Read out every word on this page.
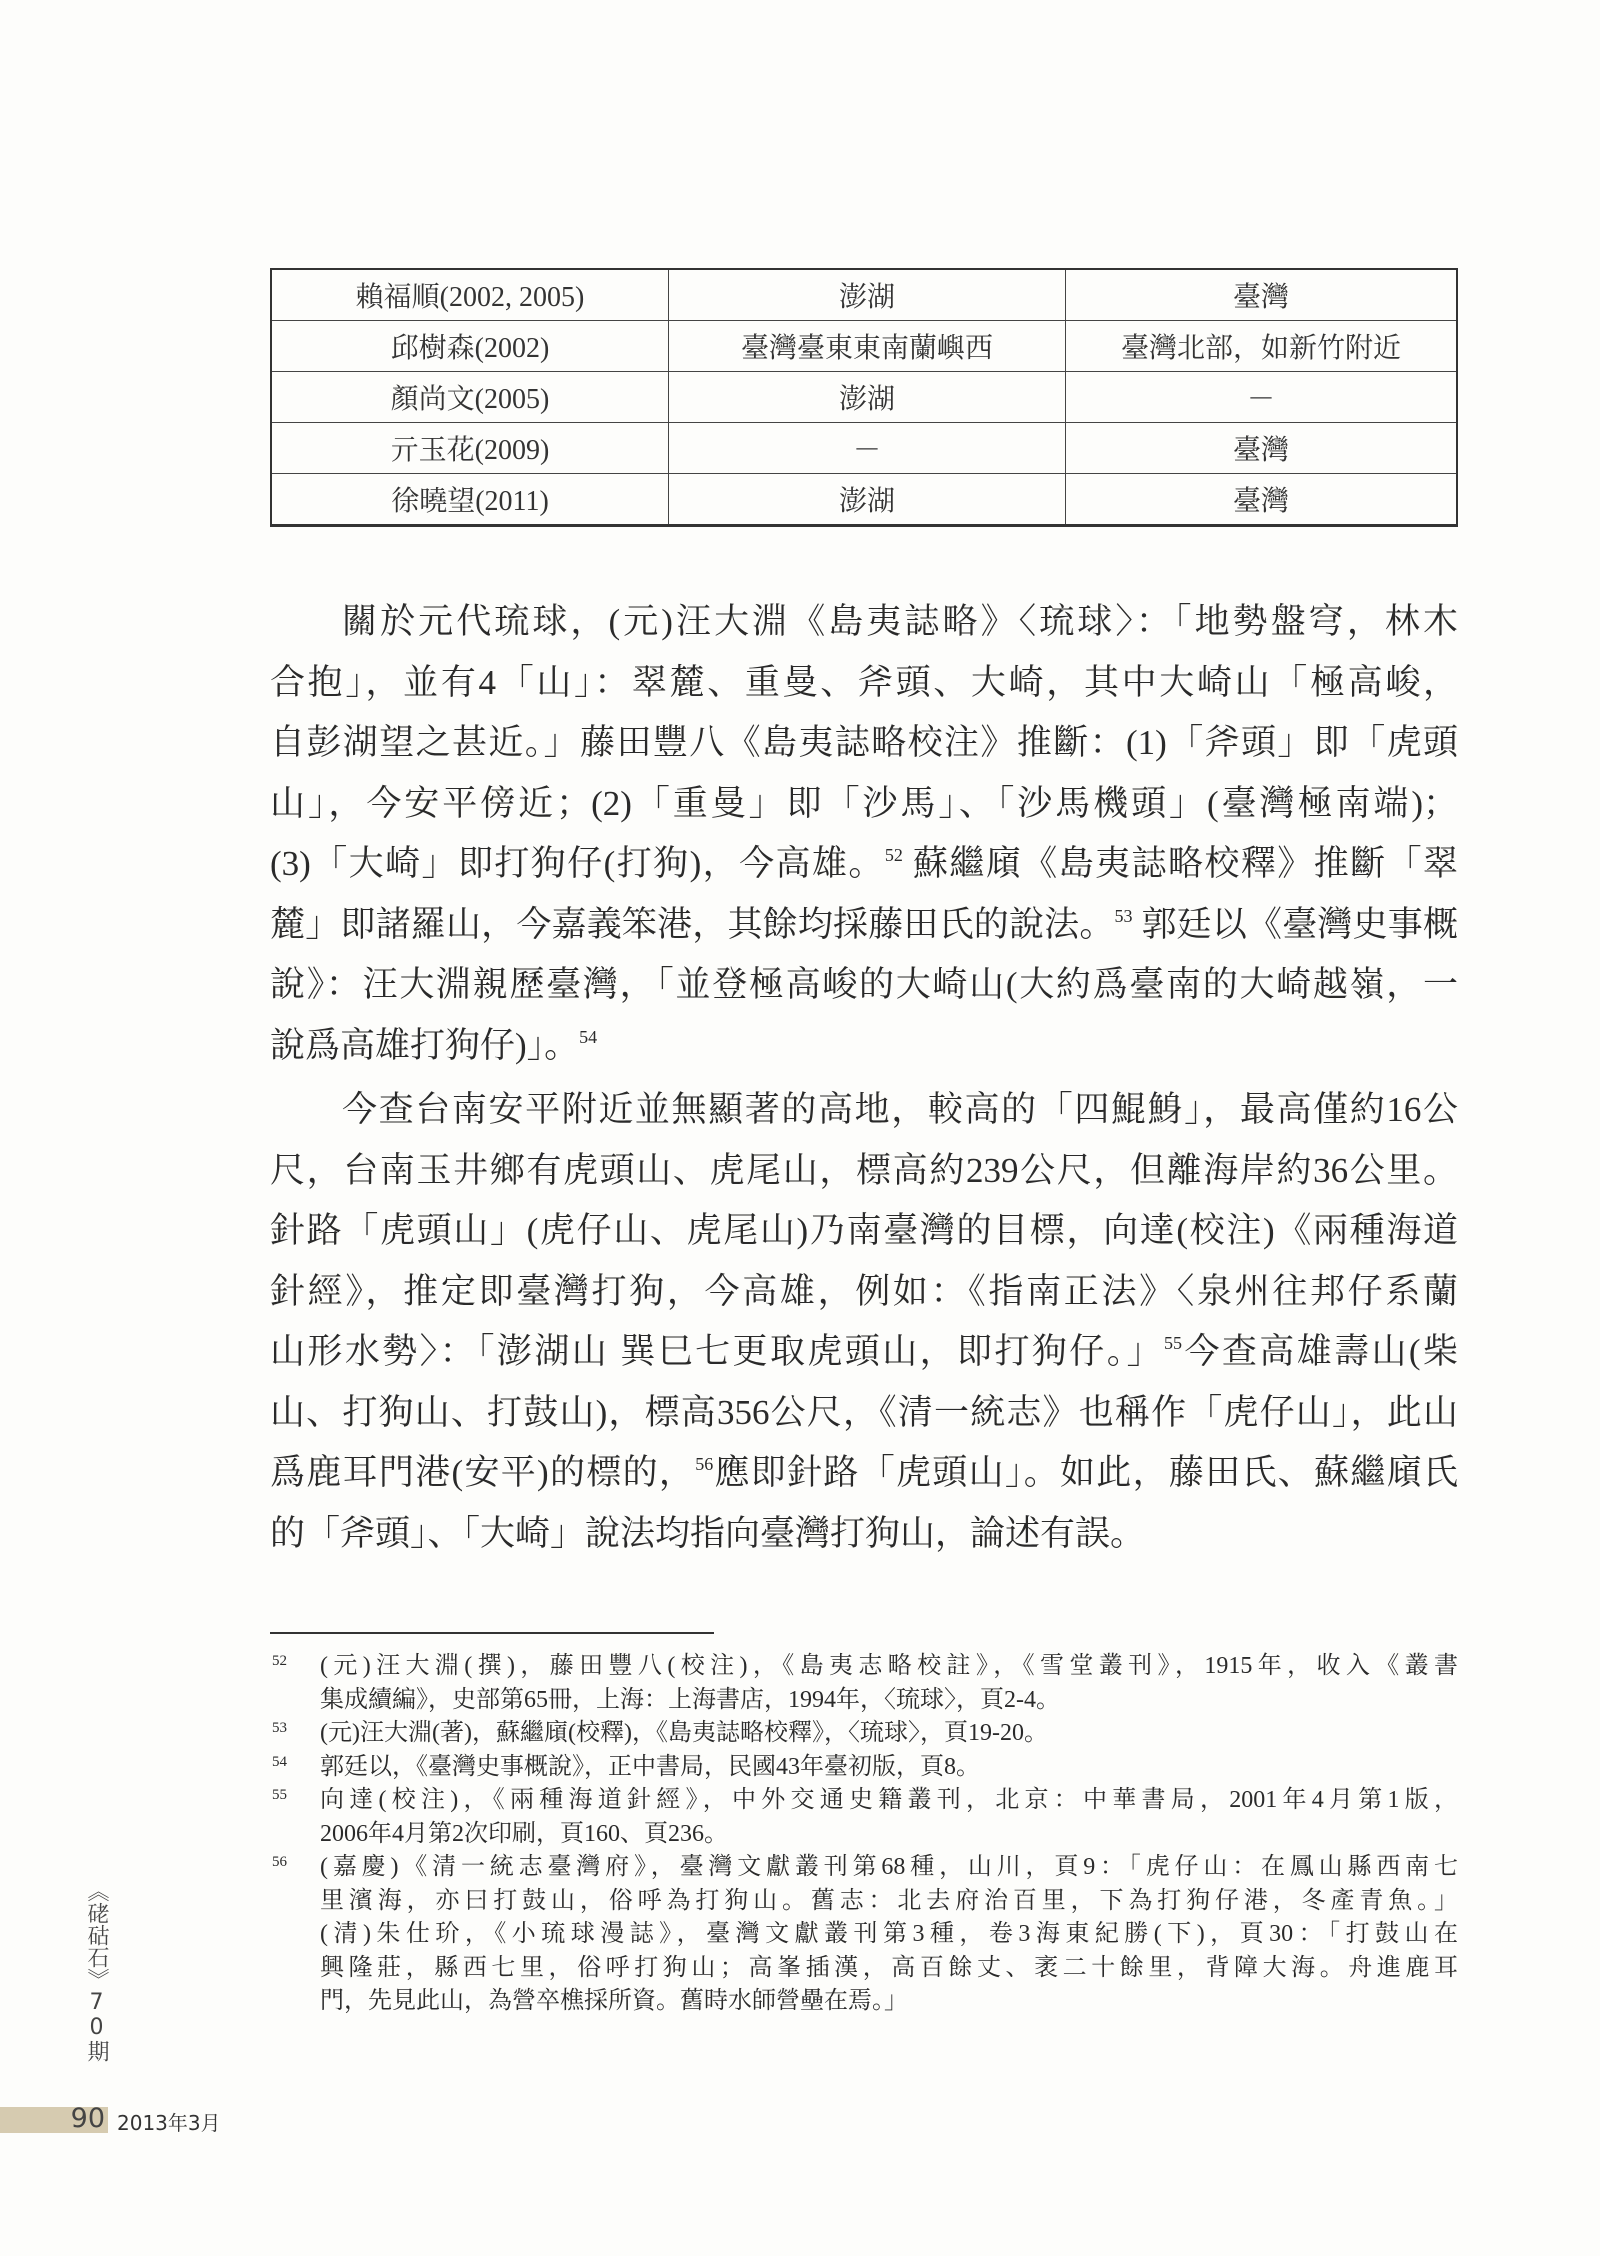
賴福順(2002, 2005)	澎湖	臺灣
邱樹森(2002)	臺灣臺東東南蘭嶼西	臺灣北部，如新竹附近
顏尚文(2005)	澎湖	－
亓玉花(2009)	－	臺灣
徐曉望(2011)	澎湖	臺灣
關於元代琉球，(元)汪大淵《島夷誌略》〈琉球〉：「地勢盤穹，林木
合抱」，並有4「山」：翠麓、重曼、斧頭、大崎，其中大崎山「極高峻，
自彭湖望之甚近。」藤田豐八《島夷誌略校注》推斷：(1)「斧頭」即「虎頭
山」，今安平傍近；(2)「重曼」即「沙馬」、「沙馬機頭」(臺灣極南端)；
(3)「大崎」即打狗仔(打狗)，今高雄。$^{52}$ 蘇繼廎《島夷誌略校釋》推斷「翠
麓」即諸羅山，今嘉義笨港，其餘均採藤田氏的說法。$^{53}$ 郭廷以《臺灣史事概
說》：汪大淵親歷臺灣，「並登極高峻的大崎山(大約爲臺南的大崎越嶺，一
說爲高雄打狗仔)」。$^{54}$
今查台南安平附近並無顯著的高地，較高的「四鯤鯓」，最高僅約16公
尺，台南玉井鄉有虎頭山、虎尾山，標高約239公尺，但離海岸約36公里。
針路「虎頭山」(虎仔山、虎尾山)乃南臺灣的目標，向達(校注)《兩種海道
針經》，推定即臺灣打狗，今高雄，例如：《指南正法》〈泉州往邦仔系蘭
山形水勢〉：「澎湖山 巽巳七更取虎頭山，即打狗仔。」$^{55}$今查高雄壽山(柴
山、打狗山、打鼓山)，標高356公尺，《清一統志》也稱作「虎仔山」，此山
爲鹿耳門港(安平)的標的，$^{56}$應即針路「虎頭山」。如此，藤田氏、蘇繼廎氏
的「斧頭」、「大崎」說法均指向臺灣打狗山，論述有誤。
52 (元)汪大淵(撰)，藤田豐八(校注)，《島夷志略校註》，《雪堂叢刊》，1915年，收入《叢書
集成續編》，史部第65冊，上海：上海書店，1994年，〈琉球〉，頁2-4。
53 (元)汪大淵(著)，蘇繼廎(校釋)，《島夷誌略校釋》，〈琉球〉，頁19-20。
54 郭廷以，《臺灣史事概說》，正中書局，民國43年臺初版，頁8。
55 向達(校注)，《兩種海道針經》，中外交通史籍叢刊，北京：中華書局，2001年4月第1版，
2006年4月第2次印刷，頁160、頁236。
56 (嘉慶)《清一統志臺灣府》，臺灣文獻叢刊第68種，山川，頁9：「虎仔山：在鳳山縣西南七
里濱海，亦曰打鼓山，俗呼為打狗山。舊志：北去府治百里，下為打狗仔港，冬產青魚。」
(清)朱仕玠，《小琉球漫誌》，臺灣文獻叢刊第3種，卷3海東紀勝(下)，頁30：「打鼓山在
興隆莊，縣西七里，俗呼打狗山；高峯插漢，高百餘丈、袤二十餘里，背障大海。舟進鹿耳
門，先見此山，為營卒樵採所資。舊時水師營壘在焉。」
《硓𥑮石》70期
90 2013年3月
